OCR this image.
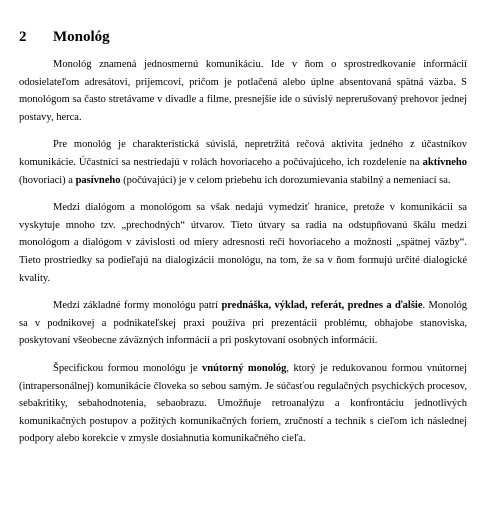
2 Monológ

Monológ znamená jednosmernú komunikáciu. Ide v ňom o sprostredkovanie informácií odosielateľom adresátovi, prijemcovi, pričom je potlačená alebo úplne absentovaná spätná väzba. S monológom sa často stretávame v divadle a filme, presnejšie ide o súvislý neprerušovaný prehovor jednej postavy, herca.

Pre monológ je charakteristická súvislá, nepretržitá rečová aktivita jedného z účastníkov komunikácie. Účastníci sa nestriedajú v rolách hovoriaceho a počúvajúceho, ich rozdelenie na aktívneho (hovoriaci) a pasívneho (počúvajúci) je v celom priebehu ich dorozumievania stabilný a nemenіací sa.

Medzi dialógom a monológom sa však nedajú vymedziť hranice, pretože v komunikácii sa vyskytuje mnoho tzv. „prechodných“ útvarov. Tieto útvary sa radia na odstupňovanú škálu medzi monológom a dialógom v závislosti od miery adresnosti reči hovoriaceho a možnosti „spätnej väzby“. Tieto prostriedky sa podieľajú na dialogizácii monológu, na tom, že sa v ňom formujú určité dialogické kvality.

Medzi základné formy monológu patrí prednáška, výklad, referát, prednes a ďalšie. Monológ sa v podnikovej a podnikateľskej praxi používa pri prezentácii problému, obhajobe stanoviska, poskytovaní všeobecne záväzných informácií a pri poskytovaní osobných informácií.

Špecifickou formou monológu je vnútorný monológ, ktorý je redukovanou formou vnútornej (intrapersonálnej) komunikácie človeka so sebou samým. Je súčasťou regulačných psychických procesov, sebakritiky, sebahodnotenia, sebaobrazu. Umožňuje retroanalýzu a konfrontáciu jednotlivých komunikačných postupov a požitých komunikačných foriem, zručností a techník s cieľom ich následnej podpory alebo korekcie v zmysle dosiahnutia komunikačného cieľa.
